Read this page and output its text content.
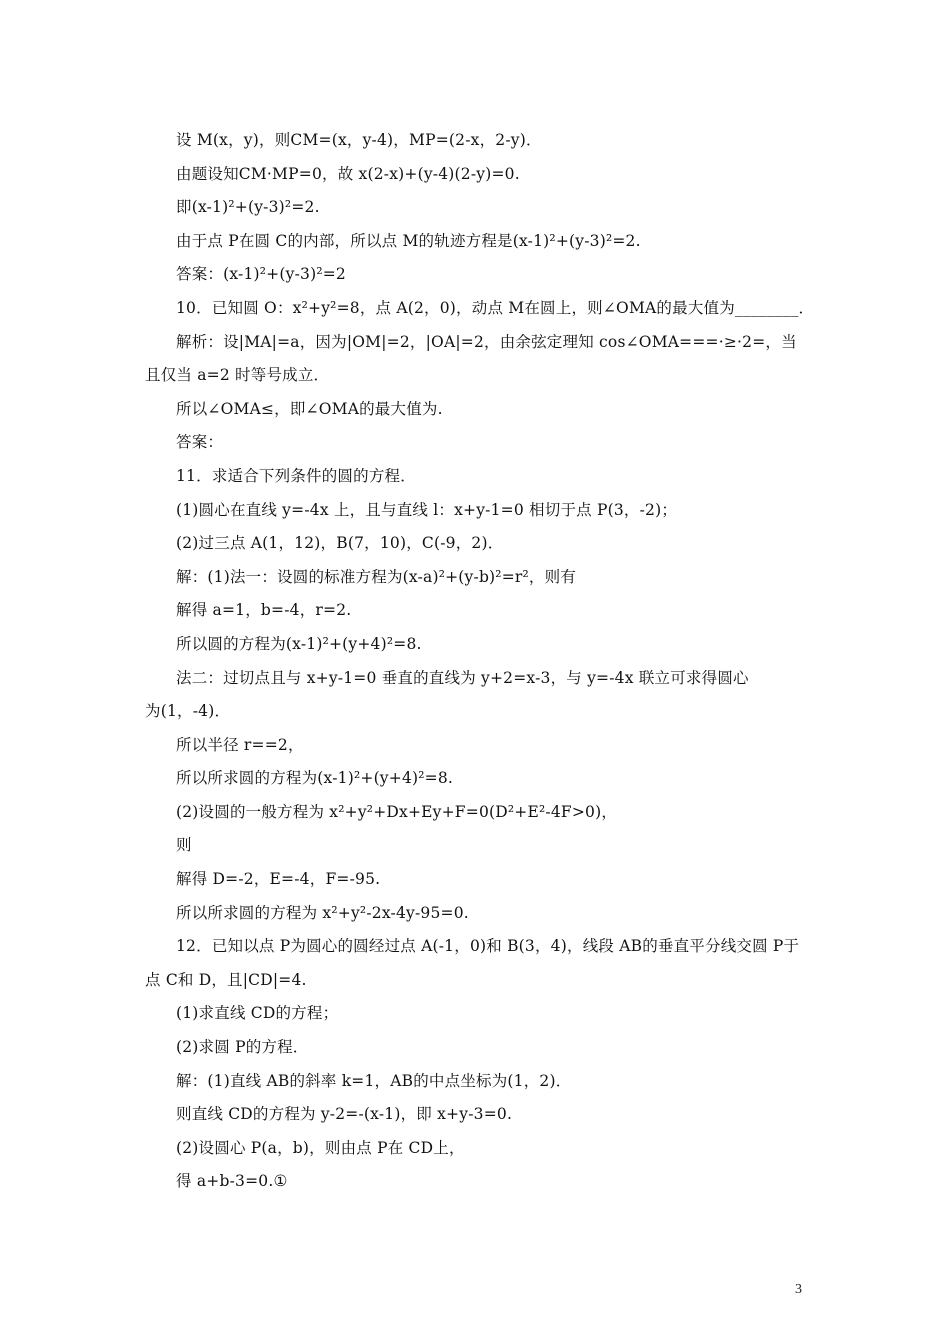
设 M(x，y)，则CM=(x，y-4)，MP=(2-x，2-y)．
由题设知CM·MP=0，故 x(2-x)+(y-4)(2-y)=0.
即(x-1)²+(y-3)²=2.
由于点 P在圆 C的内部，所以点 M的轨迹方程是(x-1)²+(y-3)²=2.
答案：(x-1)²+(y-3)²=2
10．已知圆 O：x²+y²=8，点 A(2，0)，动点 M在圆上，则∠OMA的最大值为________．
解析：设|MA|=a，因为|OM|=2，|OA|=2，由余弦定理知 cos∠OMA===·≥·2=，当
且仅当 a=2 时等号成立．
所以∠OMA≤，即∠OMA的最大值为.
答案：
11．求适合下列条件的圆的方程．
(1)圆心在直线 y=-4x 上，且与直线 l：x+y-1=0 相切于点 P(3，-2)；
(2)过三点 A(1，12)，B(7，10)，C(-9，2)．
解：(1)法一：设圆的标准方程为(x-a)²+(y-b)²=r²，则有
解得 a=1，b=-4，r=2.
所以圆的方程为(x-1)²+(y+4)²=8.
法二：过切点且与 x+y-1=0 垂直的直线为 y+2=x-3，与 y=-4x 联立可求得圆心
为(1，-4)．
所以半径 r==2，
所以所求圆的方程为(x-1)²+(y+4)²=8.
(2)设圆的一般方程为 x²+y²+Dx+Ey+F=0(D²+E²-4F>0)，
则
解得 D=-2，E=-4，F=-95.
所以所求圆的方程为 x²+y²-2x-4y-95=0.
12．已知以点 P为圆心的圆经过点 A(-1，0)和 B(3，4)，线段 AB的垂直平分线交圆 P于
点 C和 D，且|CD|=4.
(1)求直线 CD的方程；
(2)求圆 P的方程．
解：(1)直线 AB的斜率 k=1，AB的中点坐标为(1，2)．
则直线 CD的方程为 y-2=-(x-1)，即 x+y-3=0.
(2)设圆心 P(a，b)，则由点 P在 CD上，
得 a+b-3=0.①
3
